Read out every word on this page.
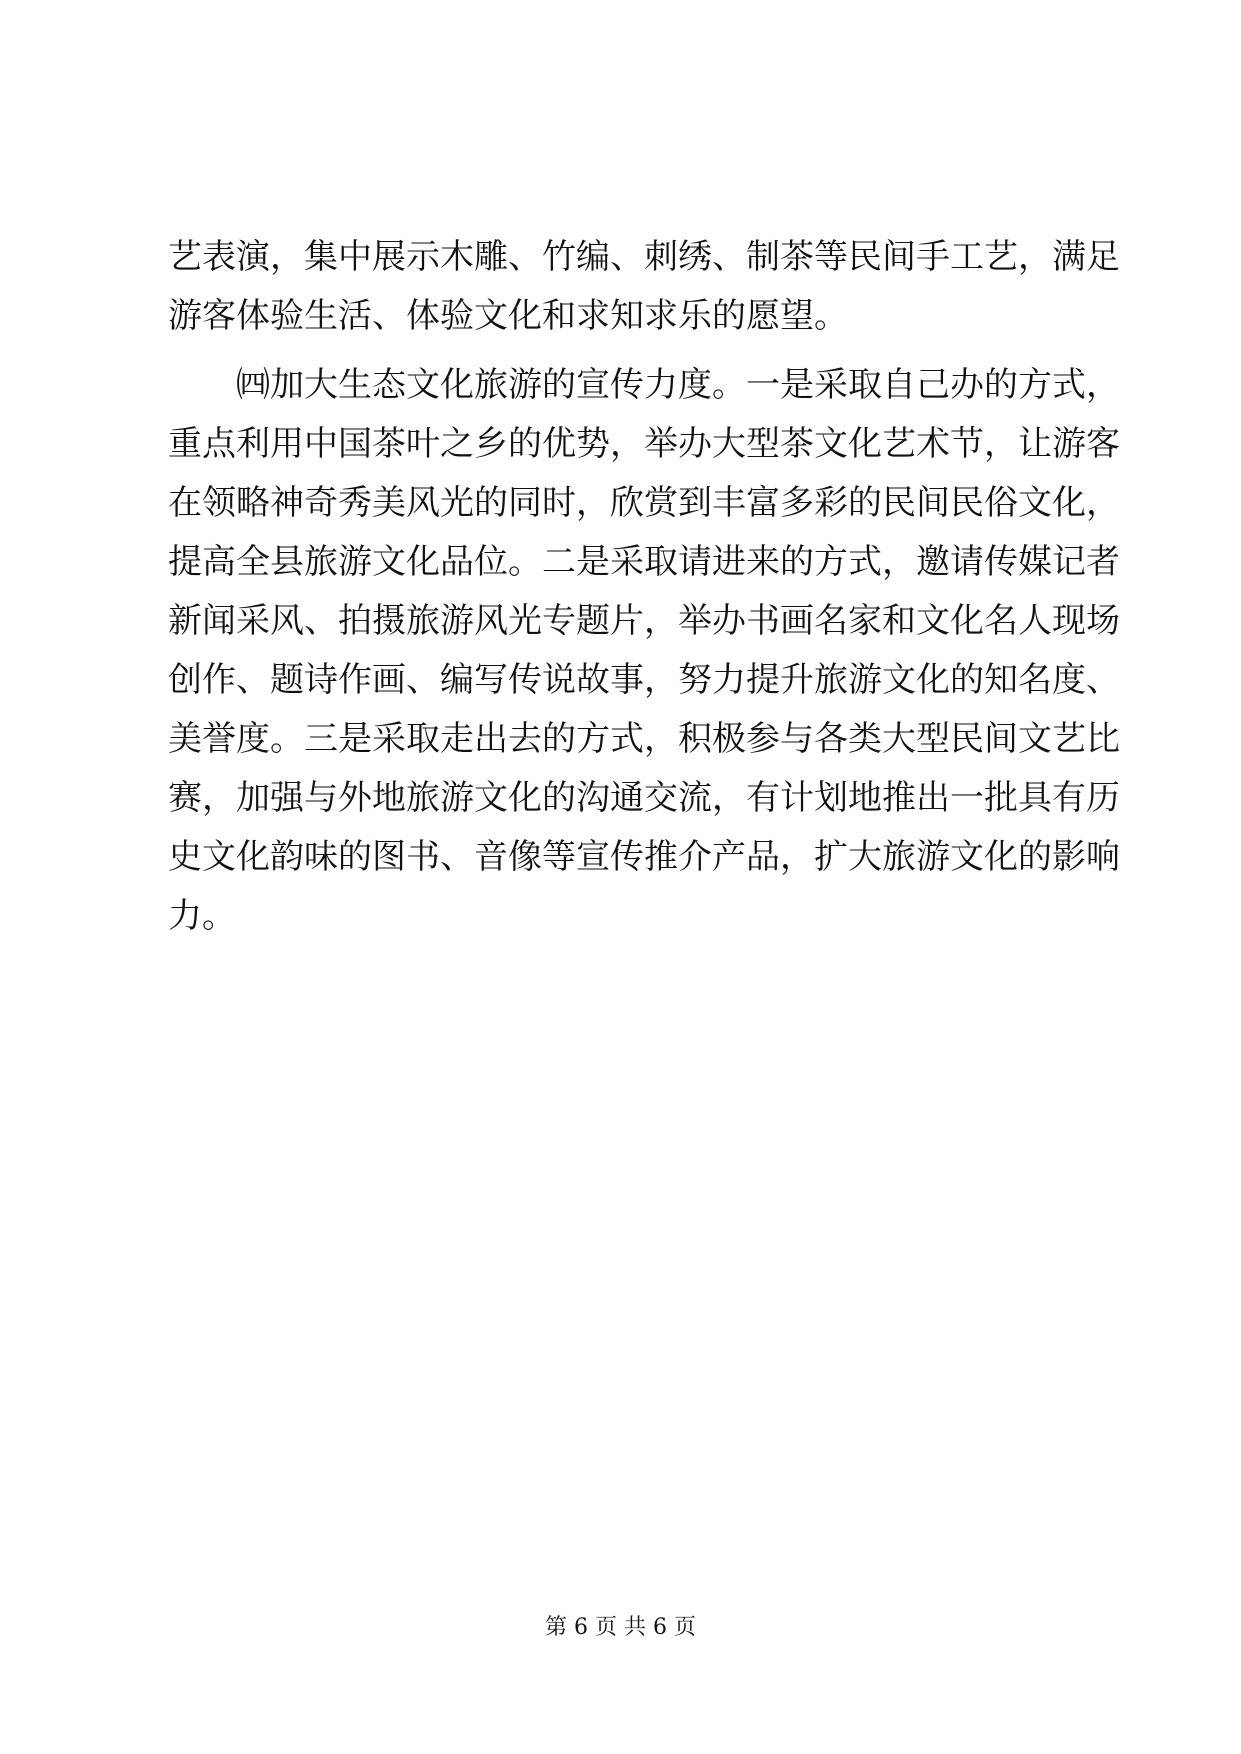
艺表演，集中展示木雕、竹编、刺绣、制茶等民间手工艺，满足
游客体验生活、体验文化和求知求乐的愿望。
㈣加大生态文化旅游的宣传力度。一是采取自己办的方式，
重点利用中国茶叶之乡的优势，举办大型茶文化艺术节，让游客
在领略神奇秀美风光的同时，欣赏到丰富多彩的民间民俗文化，
提高全县旅游文化品位。二是采取请进来的方式，邀请传媒记者
新闻采风、拍摄旅游风光专题片，举办书画名家和文化名人现场
创作、题诗作画、编写传说故事，努力提升旅游文化的知名度、
美誉度。三是采取走出去的方式，积极参与各类大型民间文艺比
赛，加强与外地旅游文化的沟通交流，有计划地推出一批具有历
史文化韵味的图书、音像等宣传推介产品，扩大旅游文化的影响
力。
第 6 页 共 6 页
